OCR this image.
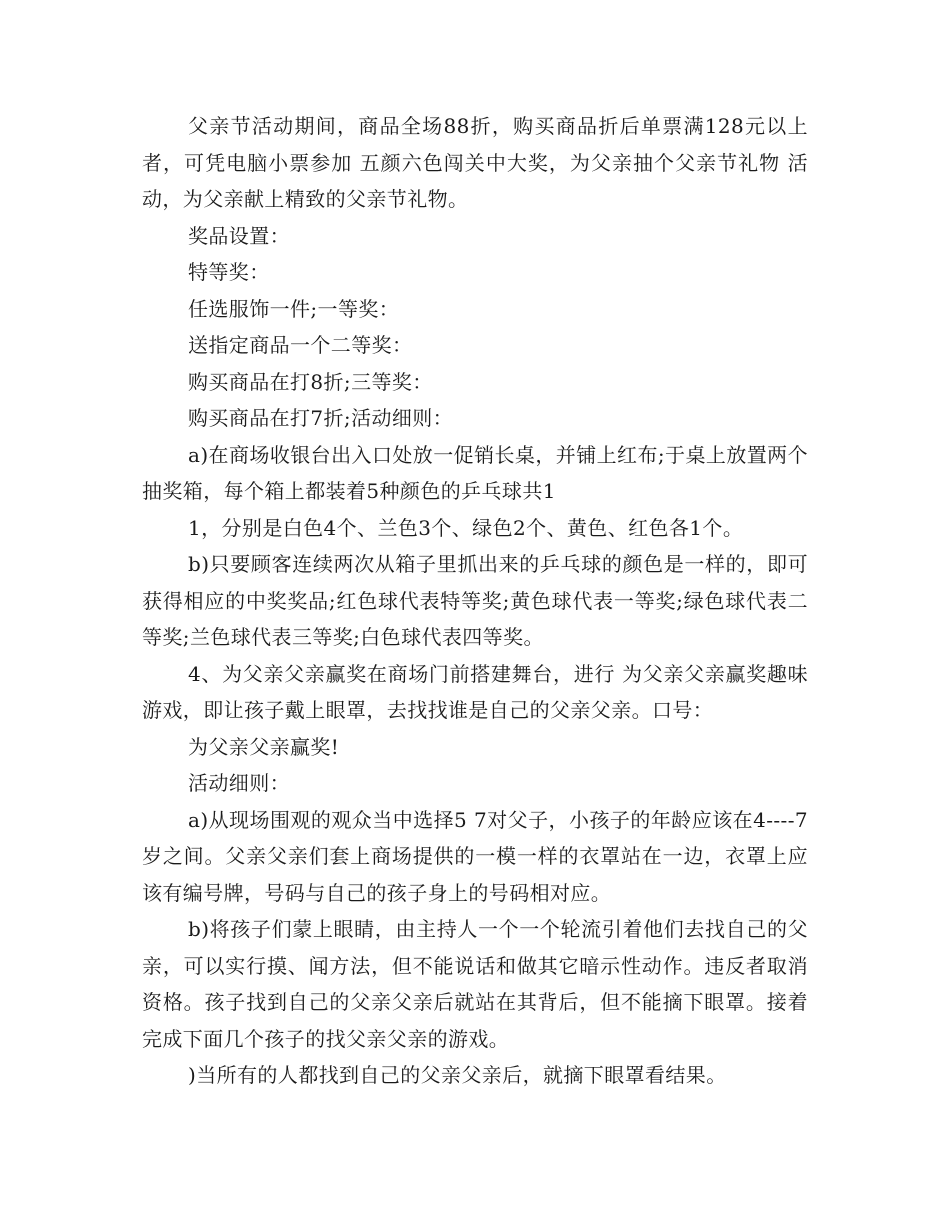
父亲节活动期间，商品全场88折，购买商品折后单票满128元以上者，可凭电脑小票参加 五颜六色闯关中大奖，为父亲抽个父亲节礼物 活动，为父亲献上精致的父亲节礼物。

奖品设置：

特等奖：

任选服饰一件;一等奖：

送指定商品一个二等奖：

购买商品在打8折;三等奖：

购买商品在打7折;活动细则：

a)在商场收银台出入口处放一促销长桌，并铺上红布;于桌上放置两个抽奖箱，每个箱上都装着5种颜色的乒乓球共1

1，分别是白色4个、兰色3个、绿色2个、黄色、红色各1个。

b)只要顾客连续两次从箱子里抓出来的乒乓球的颜色是一样的，即可获得相应的中奖奖品;红色球代表特等奖;黄色球代表一等奖;绿色球代表二等奖;兰色球代表三等奖;白色球代表四等奖。

4、为父亲父亲赢奖在商场门前搭建舞台，进行 为父亲父亲赢奖趣味游戏，即让孩子戴上眼罩，去找找谁是自己的父亲父亲。口号：

为父亲父亲赢奖!

活动细则：

a)从现场围观的观众当中选择5 7对父子，小孩子的年龄应该在4----7岁之间。父亲父亲们套上商场提供的一模一样的衣罩站在一边，衣罩上应该有编号牌，号码与自己的孩子身上的号码相对应。

b)将孩子们蒙上眼睛，由主持人一个一个轮流引着他们去找自己的父亲，可以实行摸、闻方法，但不能说话和做其它暗示性动作。违反者取消资格。孩子找到自己的父亲父亲后就站在其背后，但不能摘下眼罩。接着完成下面几个孩子的找父亲父亲的游戏。

)当所有的人都找到自己的父亲父亲后，就摘下眼罩看结果。
